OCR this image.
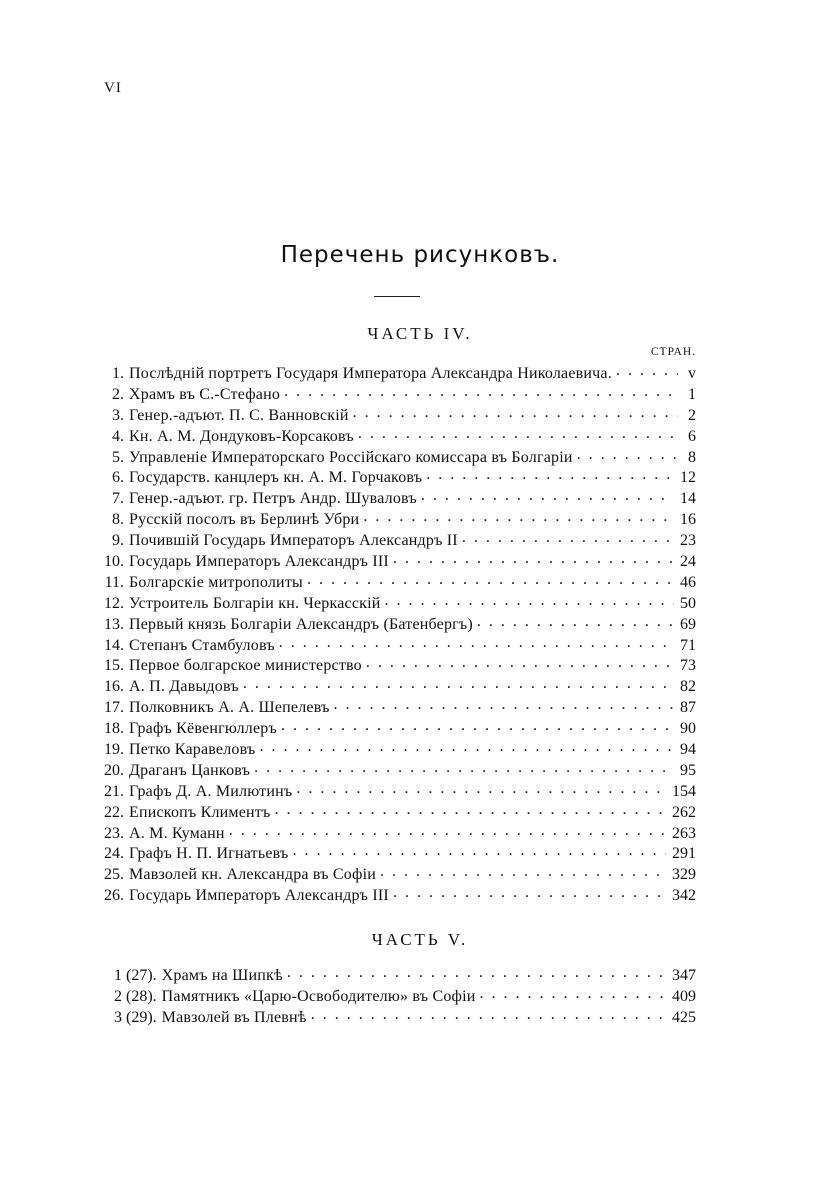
VI
Перечень рисунковъ.
ЧАСТЬ IV.
СТРАН.
1. Послѣдній портретъ Государя Императора Александра Николаевича. . . .	v
2. Храмъ въ С.-Стефано . . .	1
3. Генер.-адъют. П. С. Ванновскій . . .	2
4. Кн. А. М. Дондуковъ-Корсаковъ . . .	6
5. Управленіе Императорскаго Россійскаго комиссара въ Болгаріи . . .	8
6. Государств. канцлеръ кн. А. М. Горчаковъ . . .	12
7. Генер.-адъют. гр. Петръ Андр. Шуваловъ . . .	14
8. Русскій посолъ въ Берлинѣ Убри . . .	16
9. Почившій Государь Императоръ Александръ II . . .	23
10. Государь Императоръ Александръ III . . .	24
11. Болгарскіе митрополиты . . .	46
12. Устроитель Болгаріи кн. Черкасскій . . .	50
13. Первый князь Болгаріи Александръ (Батенбергъ) . . .	69
14. Степанъ Стамбуловъ . . .	71
15. Первое болгарское министерство . . .	73
16. А. П. Давыдовъ . . .	82
17. Полковникъ А. А. Шепелевъ . . .	87
18. Графъ Кёвенгюллеръ . . .	90
19. Петко Каравеловъ . . .	94
20. Драганъ Цанковъ . . .	95
21. Графъ Д. А. Милютинъ . . .	154
22. Епископъ Климентъ . . .	262
23. А. М. Куманн . . .	263
24. Графъ Н. П. Игнатьевъ . . .	291
25. Мавзолей кн. Александра въ Софіи . . .	329
26. Государь Императоръ Александръ III . . .	342
ЧАСТЬ V.
1 (27). Храмъ на Шипкѣ . . .	347
2 (28). Памятникъ «Царю-Освободителю» въ Софіи . . .	409
3 (29). Мавзолей въ Плевнѣ . . .	425
